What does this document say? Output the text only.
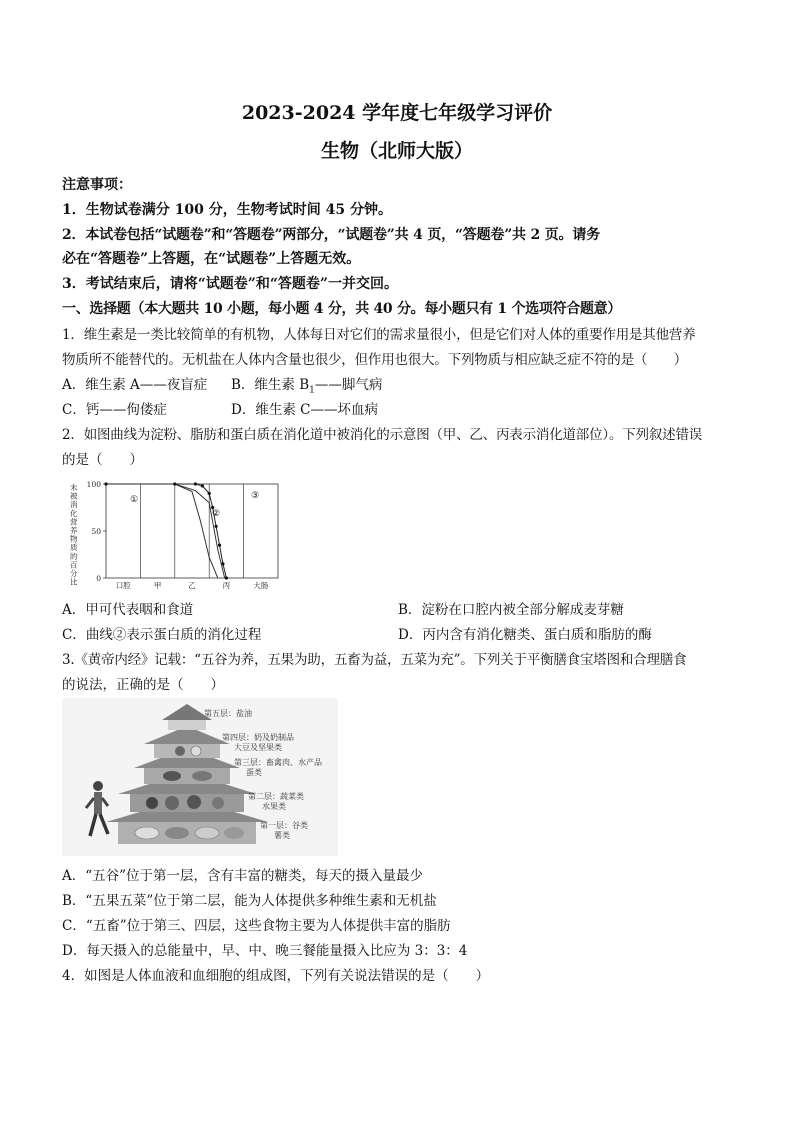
2023-2024 学年度七年级学习评价
生物（北师大版）
注意事项：
1．生物试卷满分 100 分，生物考试时间 45 分钟。
2．本试卷包括“试题卷”和“答题卷”两部分，“试题卷”共 4 页，“答题卷”共 2 页。请务
必在“答题卷”上答题，在“试题卷”上答题无效。
3．考试结束后，请将“试题卷”和“答题卷”一并交回。
一、选择题（本大题共 10 小题，每小题 4 分，共 40 分。每小题只有 1 个选项符合题意）
1．维生素是一类比较简单的有机物，人体每日对它们的需求量很小，但是它们对人体的重要作用是其他营养
物质所不能替代的。无机盐在人体内含量也很少，但作用也很大。下列物质与相应缺乏症不符的是（　　）
A．维生素 A——夜盲症 B．维生素 $B_1——$脚气病
C．钙——佝偻症	D．维生素 C——坏血病
2．如图曲线为淀粉、脂肪和蛋白质在消化道中被消化的示意图（甲、乙、丙表示消化道部位）。下列叙述错误
的是（　　）
未
被
消
化
营
养
物
质
的
百
分
比 0
50
100
①
②
③
口腔	甲	乙	丙	大肠
A．甲可代表咽和食道	B．淀粉在口腔内被全部分解成麦芽糖
C．曲线②表示蛋白质的消化过程	D．丙内含有消化糖类、蛋白质和脂肪的酶
3.《黄帝内经》记载：“五谷为养，五果为助，五畜为益，五菜为充”。下列关于平衡膳食宝塔图和合理膳食
的说法，正确的是（　　）
第五层：盐油
第四层：奶及奶制品
大豆及坚果类
第三层：畜禽肉、水产品
蛋类
第二层：蔬菜类
水果类
第一层：谷类
薯类
A．“五谷”位于第一层，含有丰富的糖类，每天的摄入量最少
B．“五果五菜”位于第二层，能为人体提供多种维生素和无机盐
C．“五畜”位于第三、四层，这些食物主要为人体提供丰富的脂肪
D．每天摄入的总能量中，早、中、晚三餐能量摄入比应为 3：3：4
4．如图是人体血液和血细胞的组成图，下列有关说法错误的是（　　）
